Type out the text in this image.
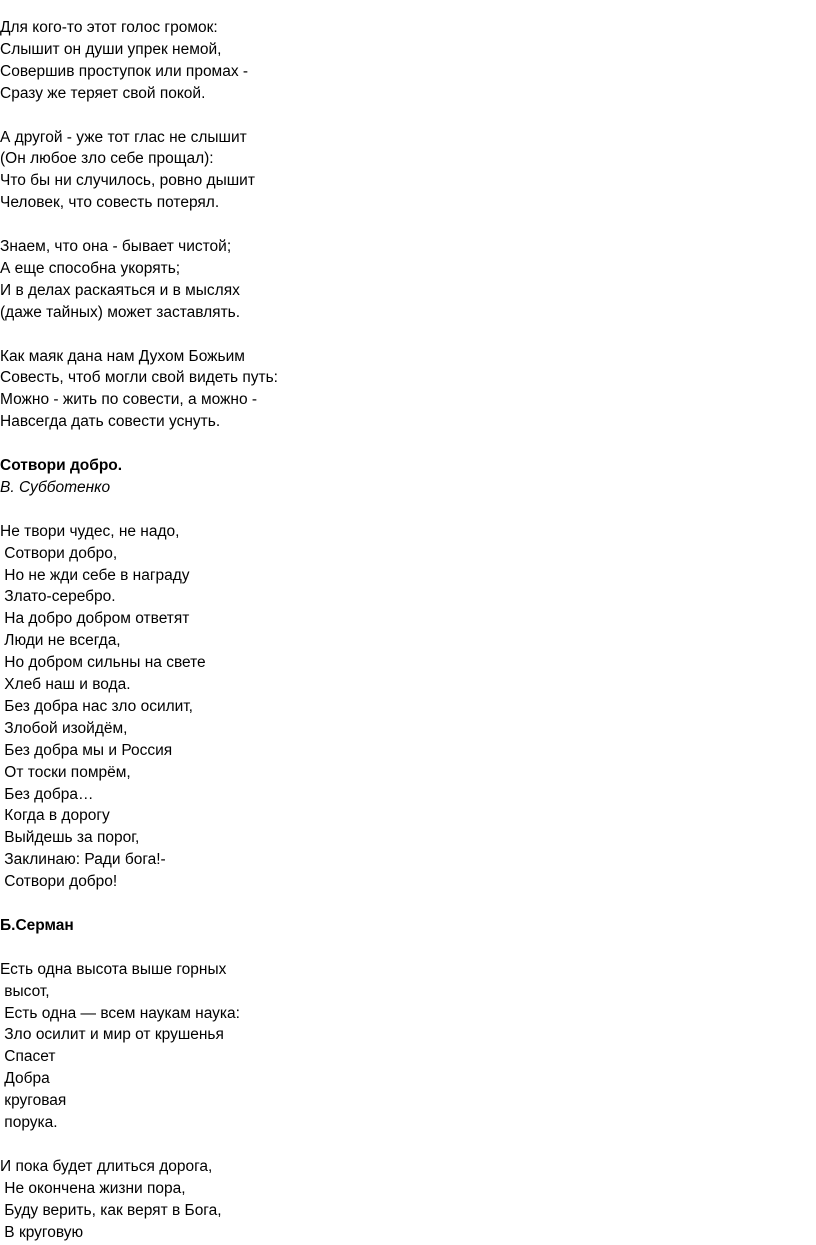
Для кого-то этот голос громок:
Слышит он души упрек немой,
Совершив проступок или промах -
Сразу же теряет свой покой.
А другой - уже тот глас не слышит
(Он любое зло себе прощал):
Что бы ни случилось, ровно дышит
Человек, что совесть потерял.
Знаем, что она - бывает чистой;
А еще способна укорять;
И в делах раскаяться и в мыслях
(даже тайных) может заставлять.
Как маяк дана нам Духом Божьим
Совесть, чтоб могли свой видеть путь:
Можно - жить по совести, а можно -
Навсегда дать совести уснуть.
Сотвори добро.
В. Субботенко
Не твори чудес, не надо,
Сотвори добро,
Но не жди себе в награду
Злато-серебро.
На добро добром ответят
Люди не всегда,
Но добром сильны на свете
Хлеб наш и вода.
Без добра нас зло осилит,
Злобой изойдём,
Без добра мы и Россия
От тоски помрём,
Без добра…
Когда в дорогу
Выйдешь за порог,
Заклинаю: Ради бога!-
Сотвори добро!
Б.Серман
Есть одна высота выше горных
высот,
Есть одна — всем наукам наука:
Зло осилит и мир от крушенья
Спасет
Добра
круговая
порука.
И пока будет длиться дорога,
Не окончена жизни пора,
Буду верить, как верят в Бога,
В круговую
